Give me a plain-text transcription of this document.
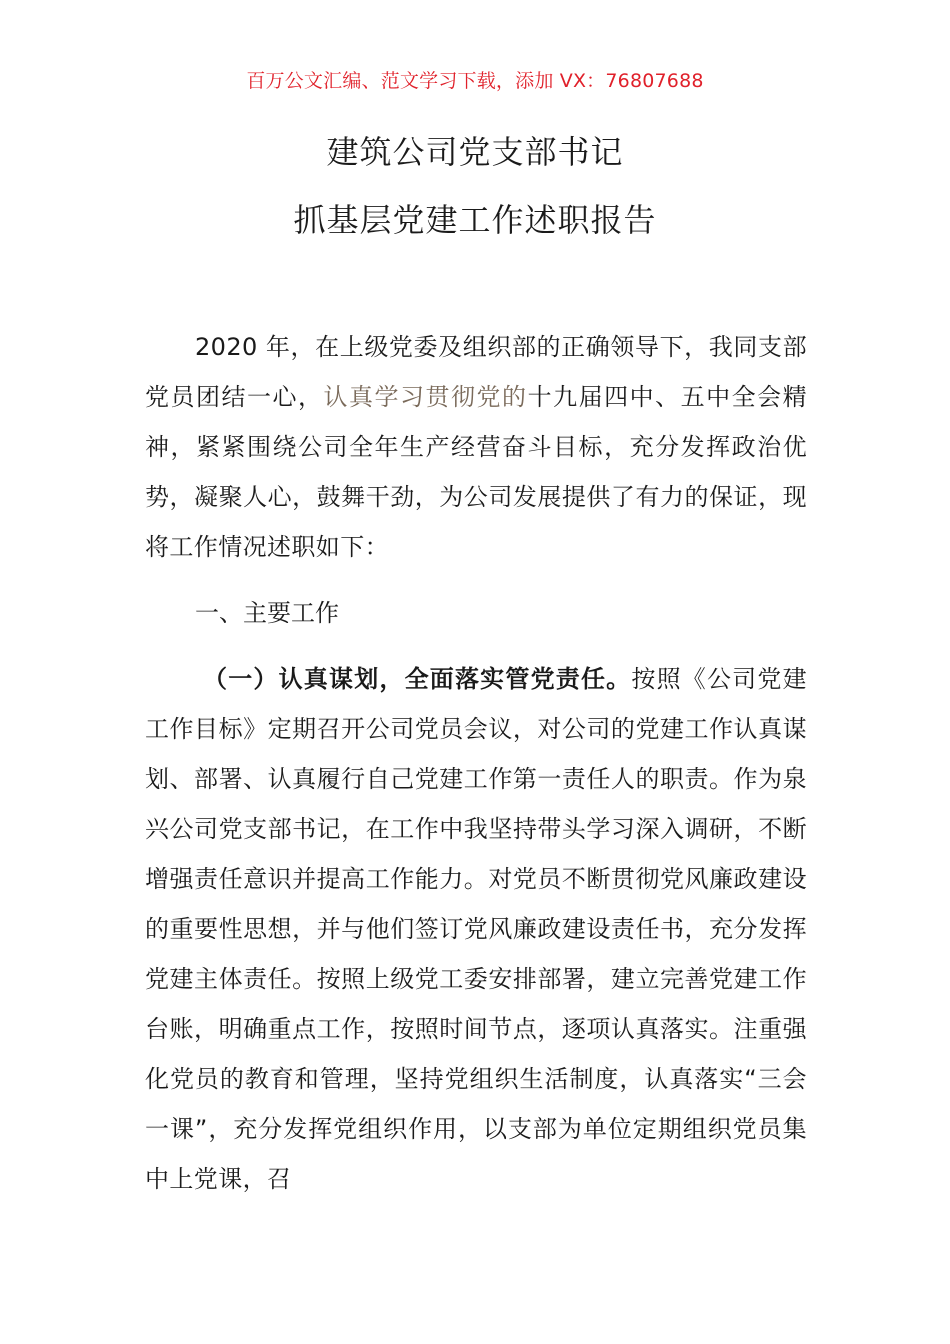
百万公文汇编、范文学习下载，添加 VX：76807688
建筑公司党支部书记
抓基层党建工作述职报告

2020 年，在上级党委及组织部的正确领导下，我同支部党员团结一心，认真学习贯彻党的十九届四中、五中全会精神，紧紧围绕公司全年生产经营奋斗目标，充分发挥政治优势，凝聚人心，鼓舞干劲，为公司发展提供了有力的保证，现将工作情况述职如下：

一、主要工作

（一）认真谋划，全面落实管党责任。按照《公司党建工作目标》定期召开公司党员会议，对公司的党建工作认真谋划、部署、认真履行自己党建工作第一责任人的职责。作为泉兴公司党支部书记，在工作中我坚持带头学习深入调研，不断增强责任意识并提高工作能力。对党员不断贯彻党风廉政建设的重要性思想，并与他们签订党风廉政建设责任书，充分发挥党建主体责任。按照上级党工委安排部署，建立完善党建工作台账，明确重点工作，按照时间节点，逐项认真落实。注重强化党员的教育和管理，坚持党组织生活制度，认真落实“三会一课”，充分发挥党组织作用，以支部为单位定期组织党员集中上党课，召
